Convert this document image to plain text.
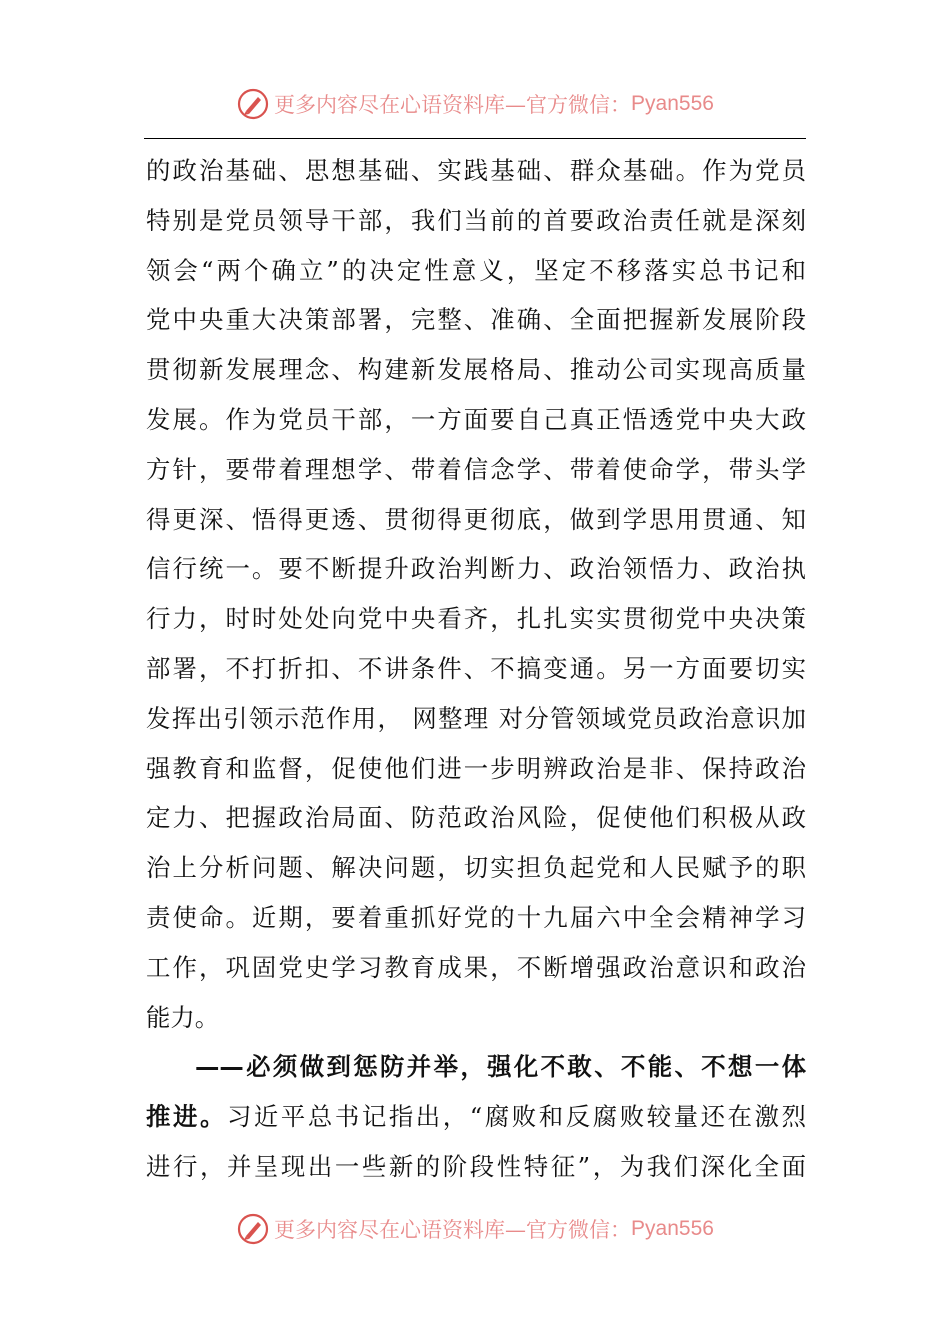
更多内容尽在心语资料库—官方微信： Pyan556
的政治基础、思想基础、实践基础、群众基础。作为党员
特别是党员领导干部，我们当前的首要政治责任就是深刻
领会“两个确立”的决定性意义，坚定不移落实总书记和
党中央重大决策部署，完整、准确、全面把握新发展阶段
贯彻新发展理念、构建新发展格局、推动公司实现高质量
发展。作为党员干部，一方面要自己真正悟透党中央大政
方针，要带着理想学、带着信念学、带着使命学，带头学
得更深、悟得更透、贯彻得更彻底，做到学思用贯通、知
信行统一。要不断提升政治判断力、政治领悟力、政治执
行力，时时处处向党中央看齐，扎扎实实贯彻党中央决策
部署，不打折扣、不讲条件、不搞变通。另一方面要切实
发挥出引领示范作用， 网整理 对分管领域党员政治意识加
强教育和监督，促使他们进一步明辨政治是非、保持政治
定力、把握政治局面、防范政治风险，促使他们积极从政
治上分析问题、解决问题，切实担负起党和人民赋予的职
责使命。近期，要着重抓好党的十九届六中全会精神学习
工作，巩固党史学习教育成果，不断增强政治意识和政治
能力。
——必须做到惩防并举，强化不敢、不能、不想一体
推进。习近平总书记指出，“腐败和反腐败较量还在激烈
进行，并呈现出一些新的阶段性特征”，为我们深化全面
更多内容尽在心语资料库—官方微信： Pyan556
